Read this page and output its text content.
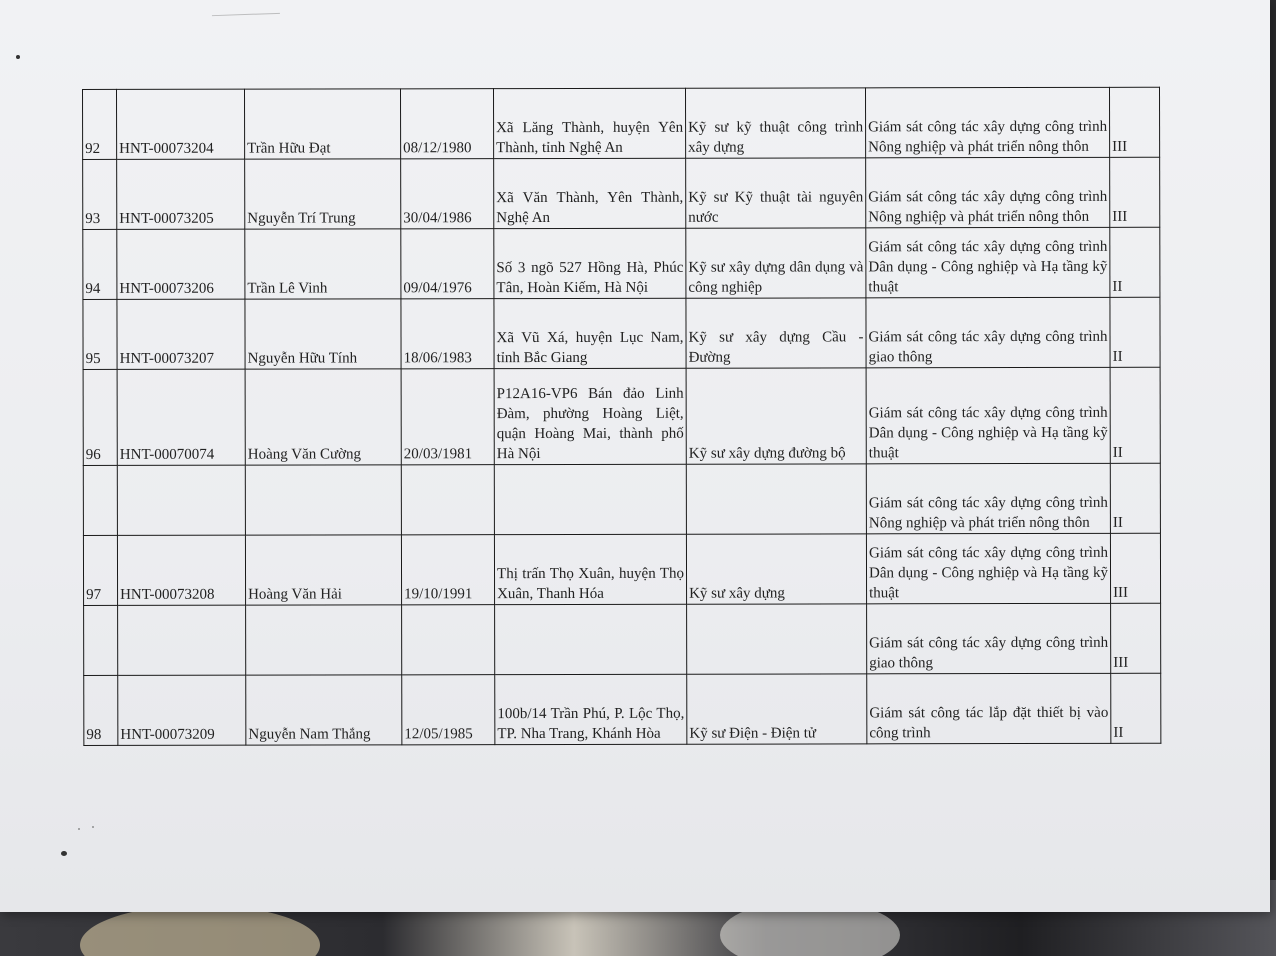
92	HNT-00073204	Trần Hữu Đạt	08/12/1980	Xã Lăng Thành, huyện Yên Thành, tỉnh Nghệ An	Kỹ sư kỹ thuật công trình xây dựng	Giám sát công tác xây dựng công trình Nông nghiệp và phát triển nông thôn	III
93	HNT-00073205	Nguyễn Trí Trung	30/04/1986	Xã Văn Thành, Yên Thành, Nghệ An	Kỹ sư Kỹ thuật tài nguyên nước	Giám sát công tác xây dựng công trình Nông nghiệp và phát triển nông thôn	III
94	HNT-00073206	Trần Lê Vinh	09/04/1976	Số 3 ngõ 527 Hồng Hà, Phúc Tân, Hoàn Kiếm, Hà Nội	Kỹ sư xây dựng dân dụng và công nghiệp	Giám sát công tác xây dựng công trình Dân dụng - Công nghiệp và Hạ tầng kỹ thuật	II
95	HNT-00073207	Nguyễn Hữu Tính	18/06/1983	Xã Vũ Xá, huyện Lục Nam, tỉnh Bắc Giang	Kỹ sư xây dựng Cầu - Đường	Giám sát công tác xây dựng công trình giao thông	II
96	HNT-00070074	Hoàng Văn Cường	20/03/1981	P12A16-VP6 Bán đảo Linh Đàm, phường Hoàng Liệt, quận Hoàng Mai, thành phố Hà Nội	Kỹ sư xây dựng đường bộ	Giám sát công tác xây dựng công trình Dân dụng - Công nghiệp và Hạ tầng kỹ thuật	II
						Giám sát công tác xây dựng công trình Nông nghiệp và phát triển nông thôn	II
97	HNT-00073208	Hoàng Văn Hải	19/10/1991	Thị trấn Thọ Xuân, huyện Thọ Xuân, Thanh Hóa	Kỹ sư xây dựng	Giám sát công tác xây dựng công trình Dân dụng - Công nghiệp và Hạ tầng kỹ thuật	III
						Giám sát công tác xây dựng công trình giao thông	III
98	HNT-00073209	Nguyễn Nam Thắng	12/05/1985	100b/14 Trần Phú, P. Lộc Thọ, TP. Nha Trang, Khánh Hòa	Kỹ sư Điện - Điện tử	Giám sát công tác lắp đặt thiết bị vào công trình	II
